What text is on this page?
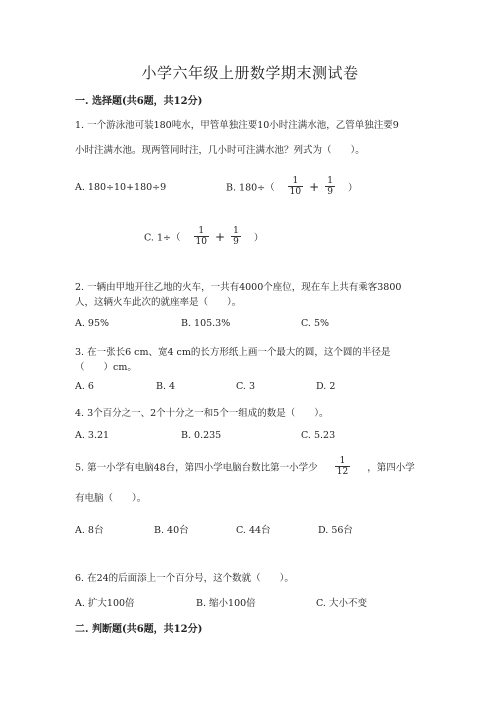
小学六年级上册数学期末测试卷
一. 选择题(共6题，共12分)
1. 一个游泳池可装180吨水，甲管单独注要10小时注满水池，乙管单独注要9
小时注满水池。现两管同时注，几小时可注满水池？列式为（　　）。
A. 180÷10+180÷9	B. $180\div( \frac{1}{10} + \frac{1}{9}$ ）
C. $1\div( \frac{1}{10} + \frac{1}{9}$ ）
2. 一辆由甲地开往乙地的火车，一共有4000个座位，现在车上共有乘客3800
人，这辆火车此次的就座率是（　　）。
A. 95%	B. 105.3%	C. 5%
3. 在一张长6 cm、宽4 cm的长方形纸上画一个最大的圆，这个圆的半径是
（　　）cm。
A. 6	B. 4	C. 3	D. 2
4. 3个百分之一、2个十分之一和5个一组成的数是（　　）。
A. 3.21	B. 0.235	C. 5.23
5. 第一小学有电脑48台，第四小学电脑台数比第一小学少 $\frac{1}{12}$ ，第四小学
有电脑（　　）。
A. 8台	B. 40台	C. 44台	D. 56台
6. 在24的后面添上一个百分号，这个数就（　　）。
A. 扩大100倍	B. 缩小100倍	C. 大小不变
二. 判断题(共6题，共12分)
